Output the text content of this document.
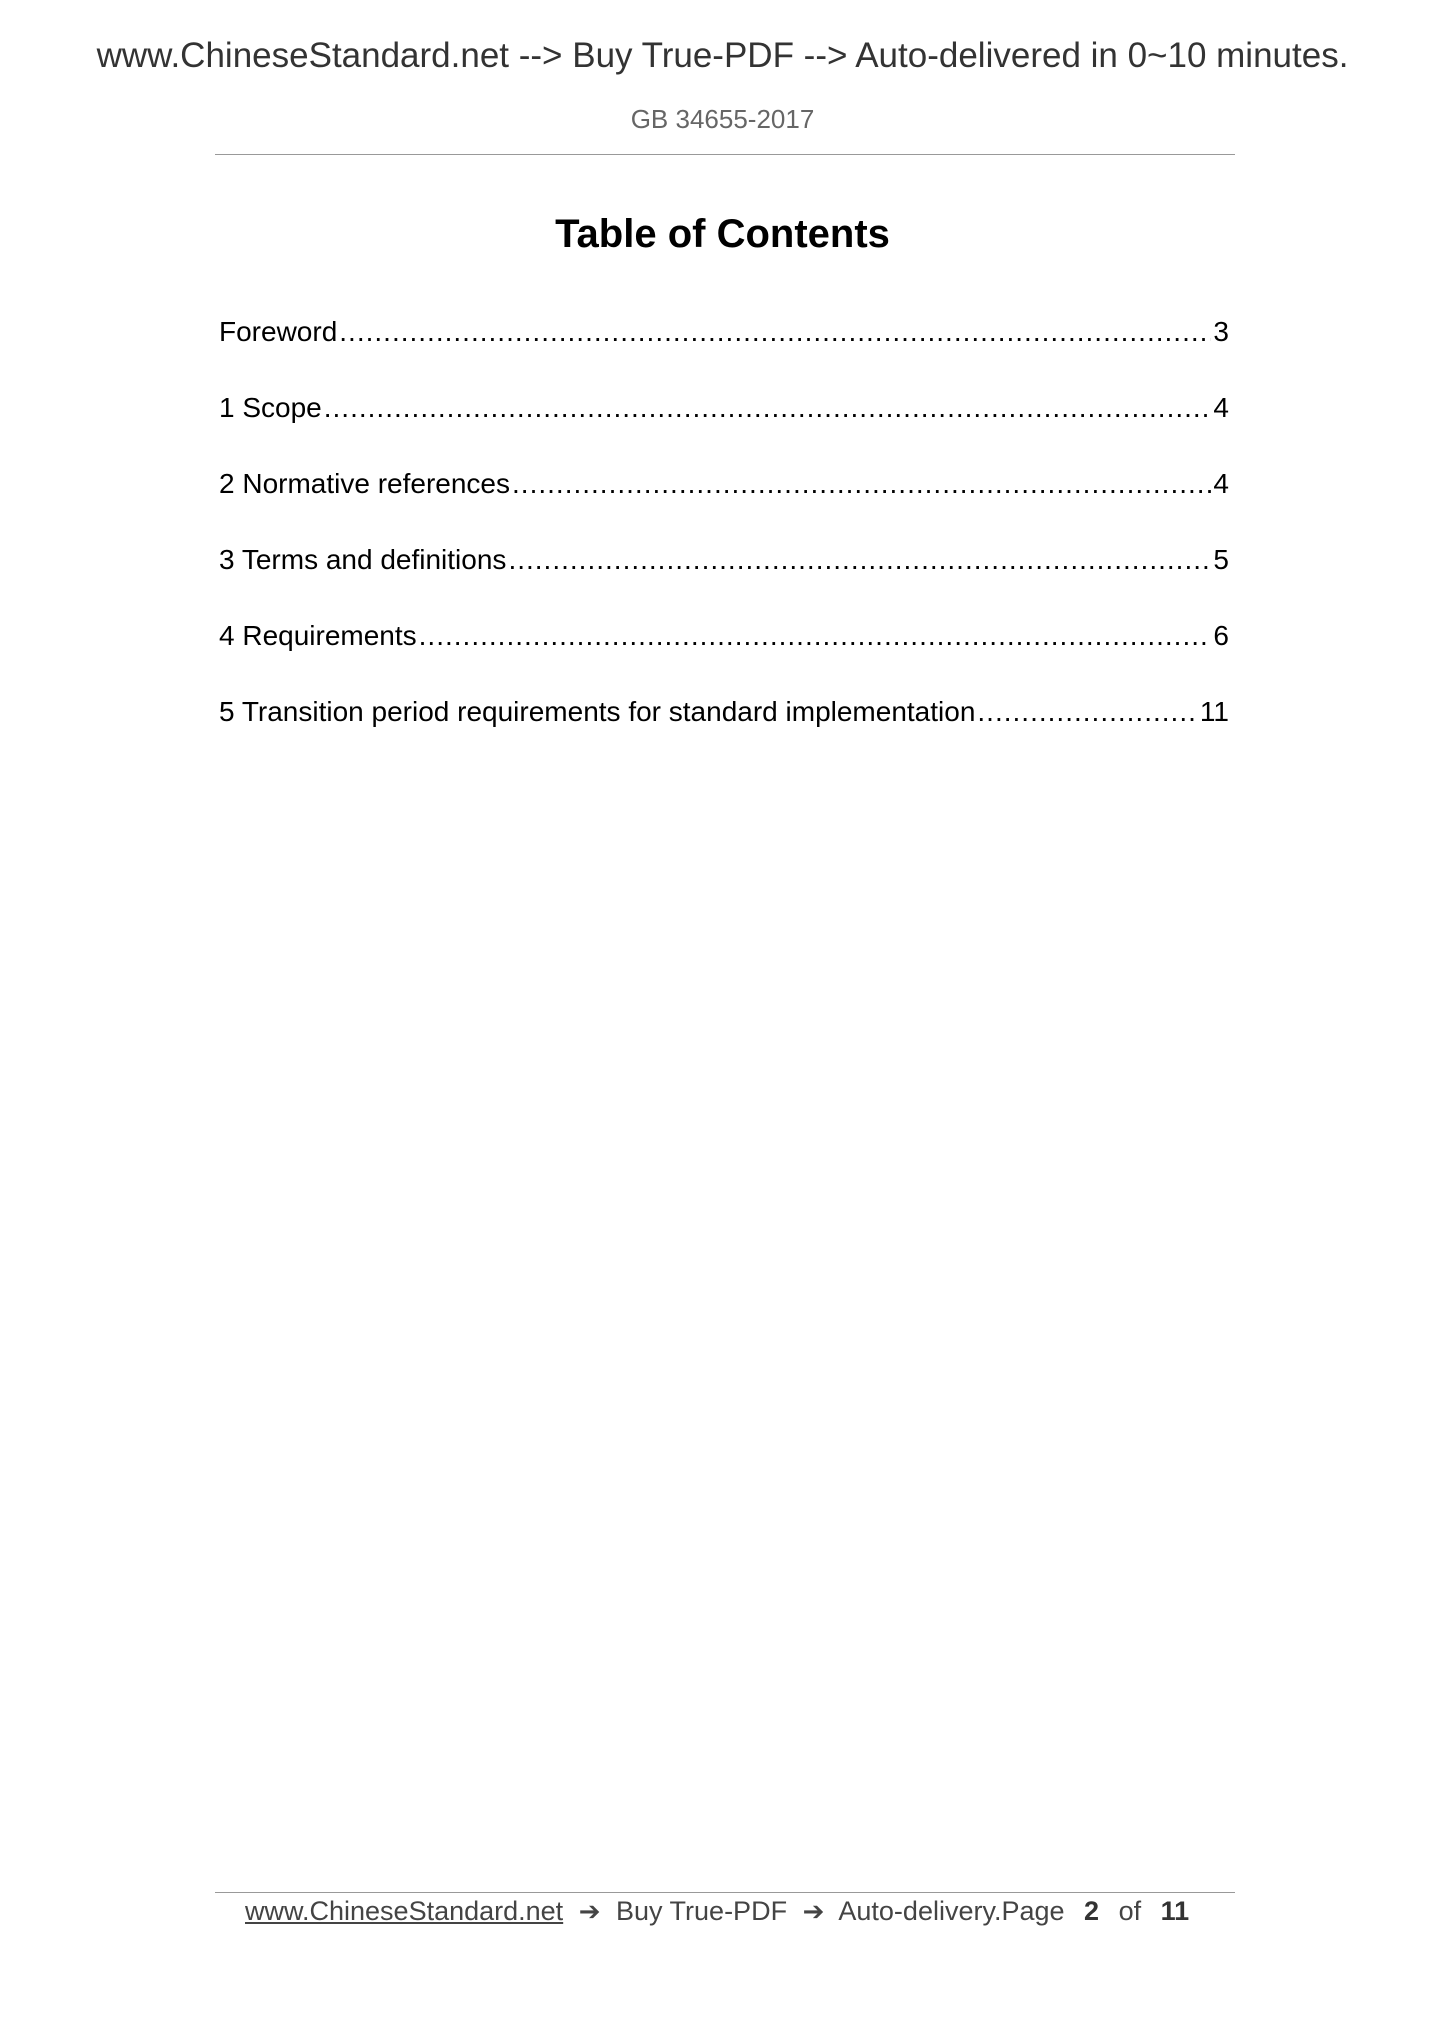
www.ChineseStandard.net --> Buy True-PDF --> Auto-delivered in 0~10 minutes.
GB 34655-2017
Table of Contents
Foreword .....	3
1 Scope .....	4
2 Normative references .....	4
3 Terms and definitions .....	5
4 Requirements .....	6
5 Transition period requirements for standard implementation .....	11
www.ChineseStandard.net ➔ Buy True-PDF ➔ Auto-delivery. Page 2 of 11
